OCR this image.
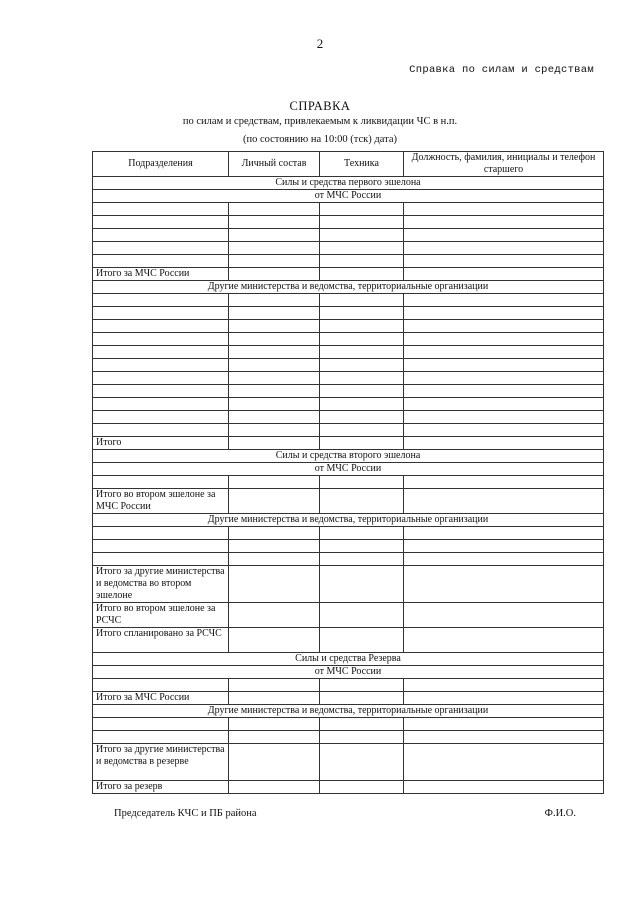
2
Справка по силам и средствам
СПРАВКА
по силам и средствам, привлекаемым к ликвидации ЧС в н.п.
(по состоянию на 10:00 (тск) дата)
Подразделения	Личный состав	Техника	Должность, фамилия, инициалы и телефон старшего
Силы и средства первого эшелона			
от МЧС России			

Итого за МЧС России			
Другие министерства и ведомства, территориальные организации			

Итого			
Силы и средства второго эшелона			
от МЧС России			

Итого во втором эшелоне за МЧС России			
Другие министерства и ведомства, территориальные организации			

Итого за другие министерства и ведомства во втором эшелоне			
Итого во втором эшелоне за РСЧС			
Итого спланировано за РСЧС			
Силы и средства Резерва			
от МЧС России			

Итого за МЧС России			
Другие министерства и ведомства, территориальные организации			

Итого за другие министерства и ведомства в резерве			
Итого за резерв			
Председатель КЧС и ПБ района	Ф.И.О.
